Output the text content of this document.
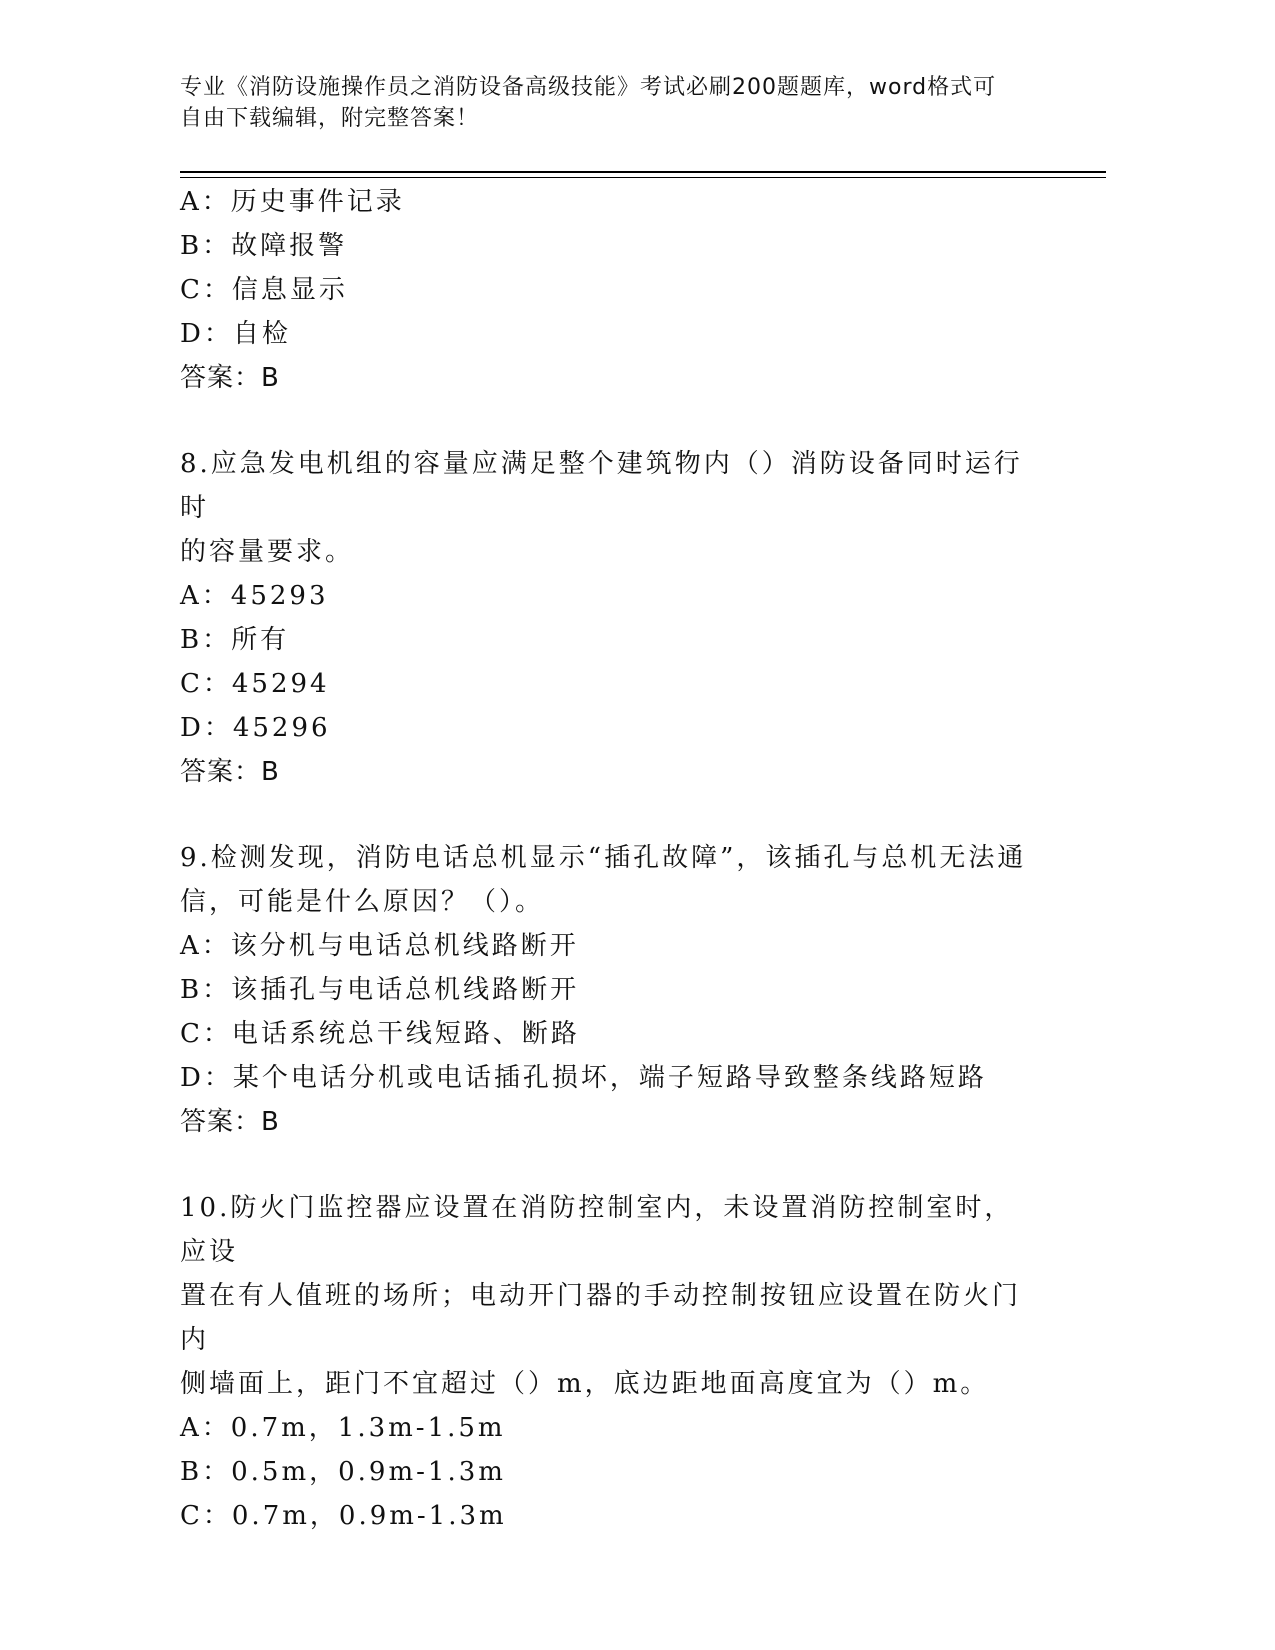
专业《消防设施操作员之消防设备高级技能》考试必刷200题题库，word格式可
自由下载编辑，附完整答案！
A：历史事件记录
B：故障报警
C：信息显示
D：自检
答案：B
8.应急发电机组的容量应满足整个建筑物内（）消防设备同时运行时
的容量要求。
A：45293
B：所有
C：45294
D：45296
答案：B
9.检测发现，消防电话总机显示“插孔故障”，该插孔与总机无法通
信，可能是什么原因？（）。
A：该分机与电话总机线路断开
B：该插孔与电话总机线路断开
C：电话系统总干线短路、断路
D：某个电话分机或电话插孔损坏，端子短路导致整条线路短路
答案：B
10.防火门监控器应设置在消防控制室内，未设置消防控制室时，应设
置在有人值班的场所；电动开门器的手动控制按钮应设置在防火门内
侧墙面上，距门不宜超过（）m，底边距地面高度宜为（）m。
A：0.7m，1.3m-1.5m
B：0.5m，0.9m-1.3m
C：0.7m，0.9m-1.3m
